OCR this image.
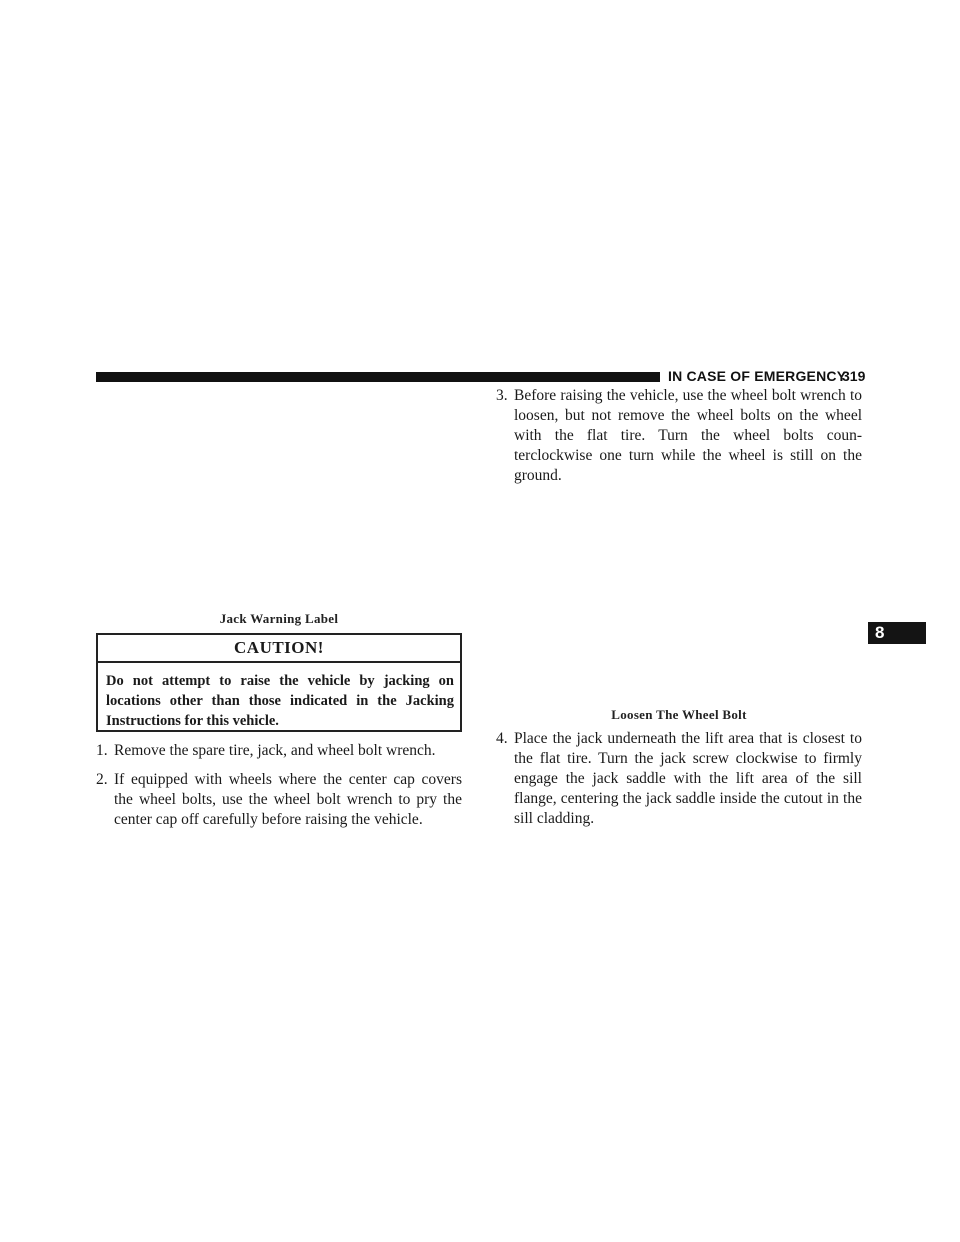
IN CASE OF EMERGENCY
319
8
Jack Warning Label
CAUTION!
Do not attempt to raise the vehicle by jacking on locations other than those indicated in the Jacking Instructions for this vehicle.
1. Remove the spare tire, jack, and wheel bolt wrench.
2. If equipped with wheels where the center cap covers the wheel bolts, use the wheel bolt wrench to pry the center cap off carefully before raising the vehicle.
3. Before raising the vehicle, use the wheel bolt wrench to loosen, but not remove the wheel bolts on the wheel with the flat tire. Turn the wheel bolts coun-terclockwise one turn while the wheel is still on the ground.
Loosen The Wheel Bolt
4. Place the jack underneath the lift area that is closest to the flat tire. Turn the jack screw clockwise to firmly engage the jack saddle with the lift area of the sill flange, centering the jack saddle inside the cutout in the sill cladding.
